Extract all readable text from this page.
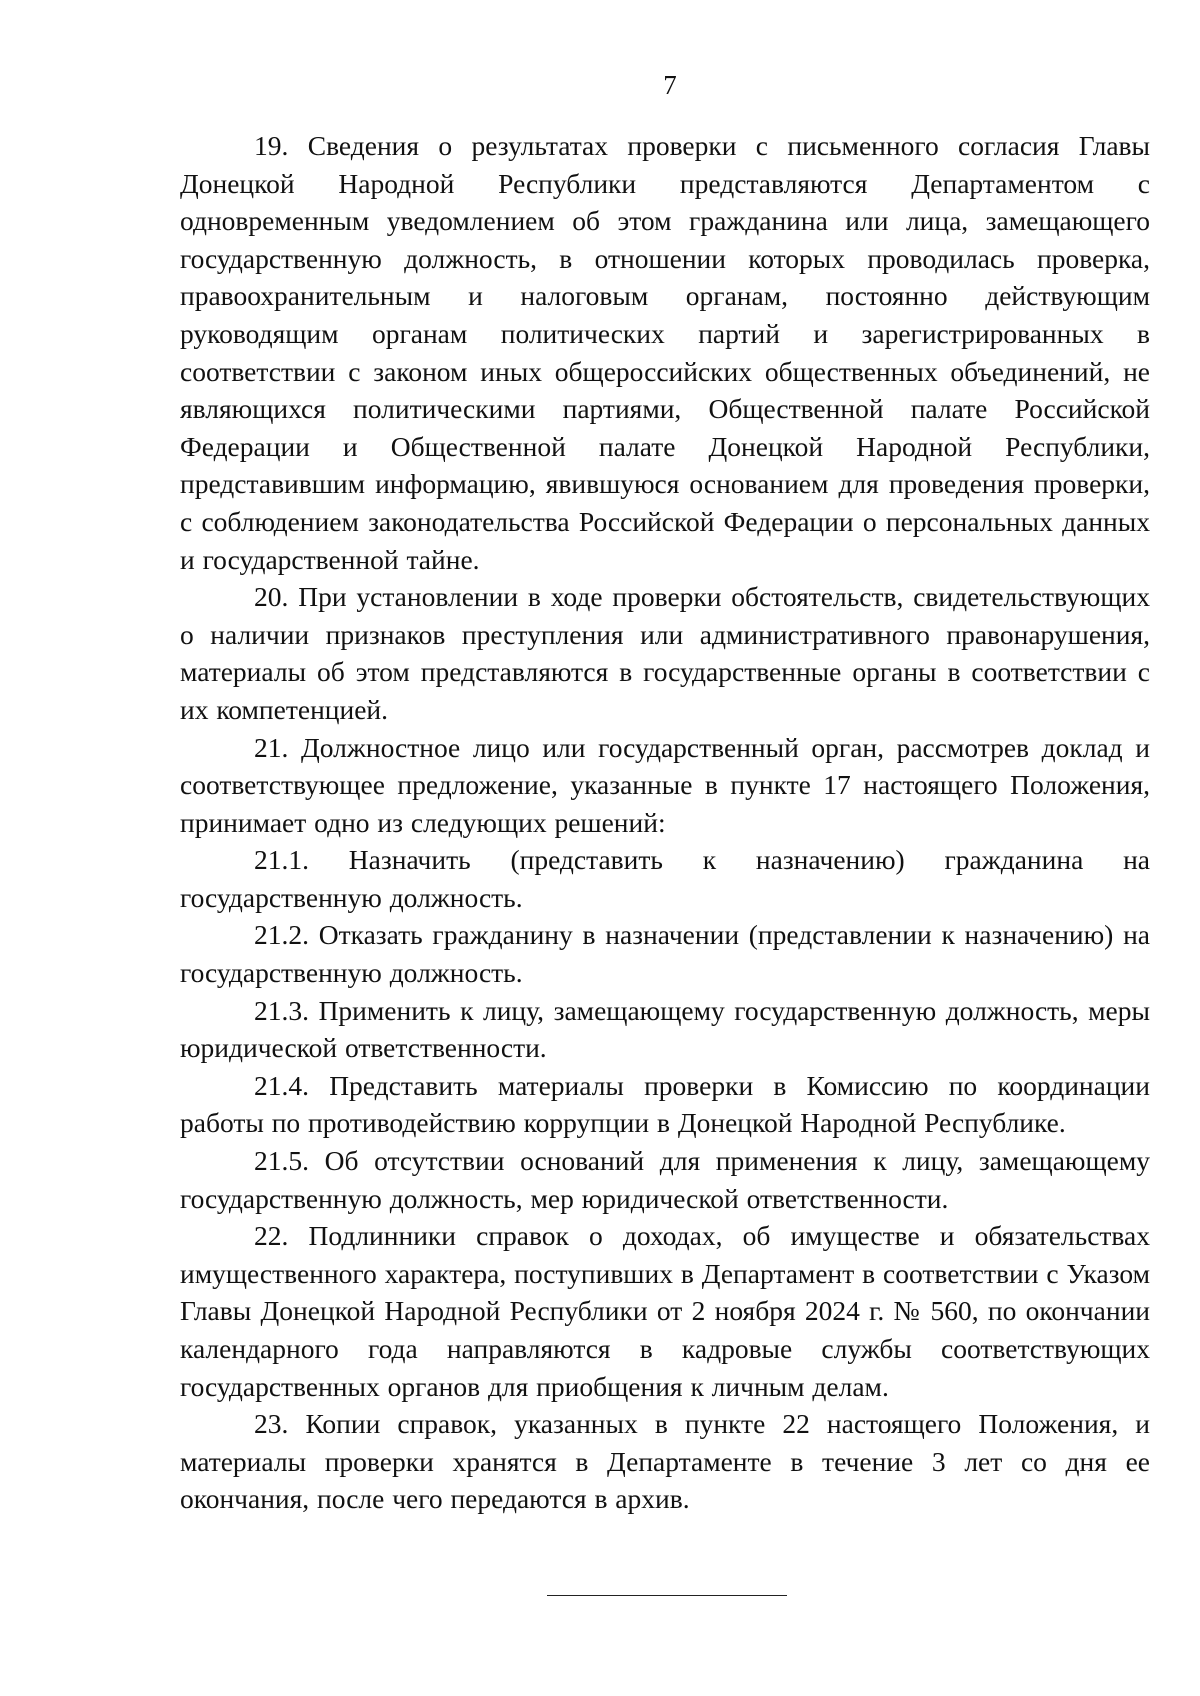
7

19. Сведения о результатах проверки с письменного согласия Главы Донецкой Народной Республики представляются Департаментом с одновременным уведомлением об этом гражданина или лица, замещающего государственную должность, в отношении которых проводилась проверка, правоохранительным и налоговым органам, постоянно действующим руководящим органам политических партий и зарегистрированных в соответствии с законом иных общероссийских общественных объединений, не являющихся политическими партиями, Общественной палате Российской Федерации и Общественной палате Донецкой Народной Республики, представившим информацию, явившуюся основанием для проведения проверки, с соблюдением законодательства Российской Федерации о персональных данных и государственной тайне.

20. При установлении в ходе проверки обстоятельств, свидетельствующих о наличии признаков преступления или административного правонарушения, материалы об этом представляются в государственные органы в соответствии с их компетенцией.

21. Должностное лицо или государственный орган, рассмотрев доклад и соответствующее предложение, указанные в пункте 17 настоящего Положения, принимает одно из следующих решений:

21.1. Назначить (представить к назначению) гражданина на государственную должность.

21.2. Отказать гражданину в назначении (представлении к назначению) на государственную должность.

21.3. Применить к лицу, замещающему государственную должность, меры юридической ответственности.

21.4. Представить материалы проверки в Комиссию по координации работы по противодействию коррупции в Донецкой Народной Республике.

21.5. Об отсутствии оснований для применения к лицу, замещающему государственную должность, мер юридической ответственности.

22. Подлинники справок о доходах, об имуществе и обязательствах имущественного характера, поступивших в Департамент в соответствии с Указом Главы Донецкой Народной Республики от 2 ноября 2024 г. № 560, по окончании календарного года направляются в кадровые службы соответствующих государственных органов для приобщения к личным делам.

23. Копии справок, указанных в пункте 22 настоящего Положения, и материалы проверки хранятся в Департаменте в течение 3 лет со дня ее окончания, после чего передаются в архив.
